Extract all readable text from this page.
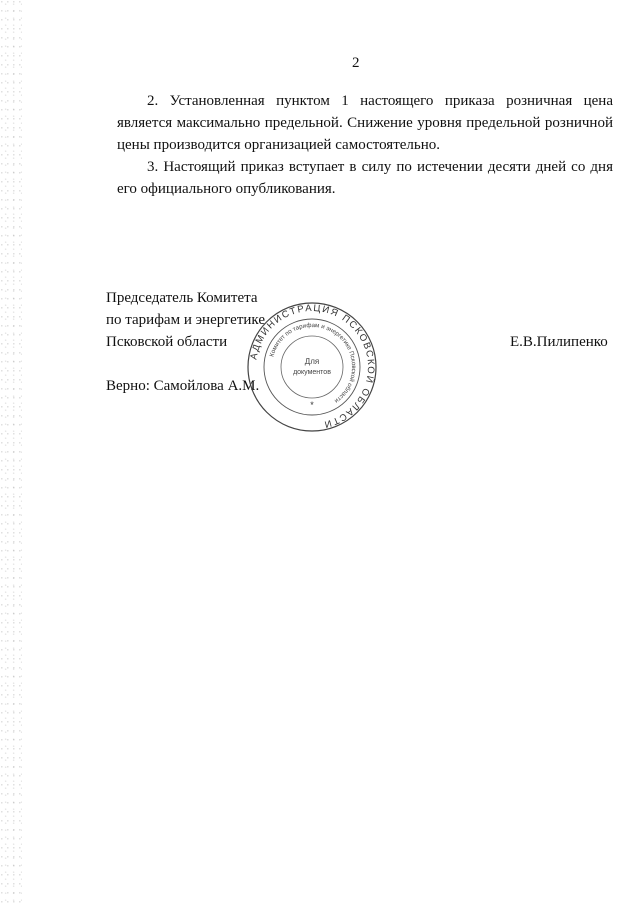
2

2. Установленная пунктом 1 настоящего приказа розничная цена является максимально предельной. Снижение уровня предельной розничной цены производится организацией самостоятельно.

3. Настоящий приказ вступает в силу по истечении десяти дней со дня его официального опубликования.

Председатель Комитета
по тарифам и энергетике
Псковской области	Е.В.Пилипенко
Верно: Самойлова А.М.
АДМИНИСТРАЦИЯ ПСКОВСКОЙ ОБЛАСТИ
Комитет по тарифам и энергетике Псковской области
Для
документов
*
